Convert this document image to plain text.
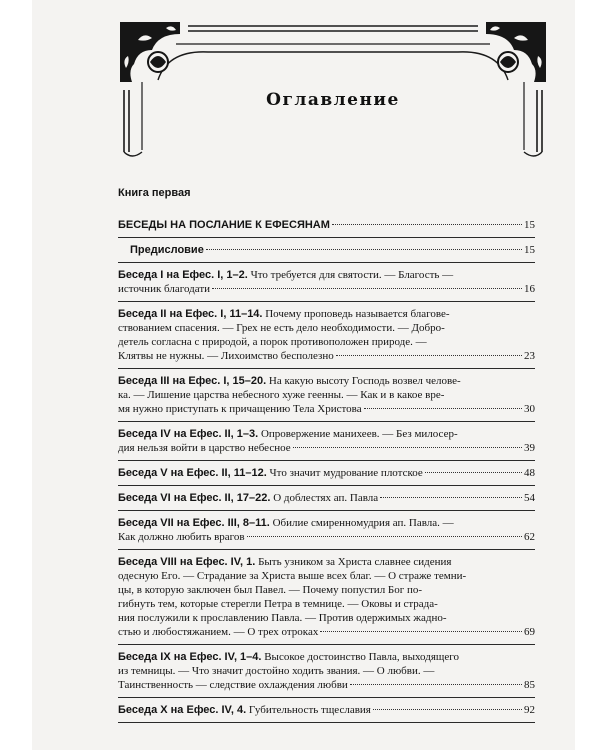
Оглавление
Книга первая
БЕСЕДЫ НА ПОСЛАНИЕ К ЕФЕСЯНАМ	15
Предисловие	15
Беседа I на Ефес. I, 1–2. Что требуется для святости. — Благость —
источник благодати	16
Беседа II на Ефес. I, 11–14. Почему проповедь называется благове-
ствованием спасения. — Грех не есть дело необходимости. — Добро-
детель согласна с природой, а порок противоположен природе. —
Клятвы не нужны. — Лихоимство бесполезно	23
Беседа III на Ефес. I, 15–20. На какую высоту Господь возвел челове-
ка. — Лишение царства небесного хуже геенны. — Как и в какое вре-
мя нужно приступать к причащению Тела Христова	30
Беседа IV на Ефес. II, 1–3. Опровержение манихеев. — Без милосер-
дия нельзя войти в царство небесное	39
Беседа V на Ефес. II, 11–12. Что значит мудрование плотское	48
Беседа VI на Ефес. II, 17–22. О доблестях ап. Павла	54
Беседа VII на Ефес. III, 8–11. Обилие смиренномудрия ап. Павла. —
Как должно любить врагов	62
Беседа VIII на Ефес. IV, 1. Быть узником за Христа славнее сидения
одесную Его. — Страдание за Христа выше всех благ. — О страже темни-
цы, в которую заключен был Павел. — Почему попустил Бог по-
гибнуть тем, которые стерегли Петра в темнице. — Оковы и страда-
ния послужили к прославлению Павла. — Против одержимых жадно-
стью и любостяжанием. — О трех отроках	69
Беседа IX на Ефес. IV, 1–4. Высокое достоинство Павла, выходящего
из темницы. — Что значит достойно ходить звания. — О любви. —
Таинственность — следствие охлаждения любви	85
Беседа X на Ефес. IV, 4. Губительность тщеславия	92
